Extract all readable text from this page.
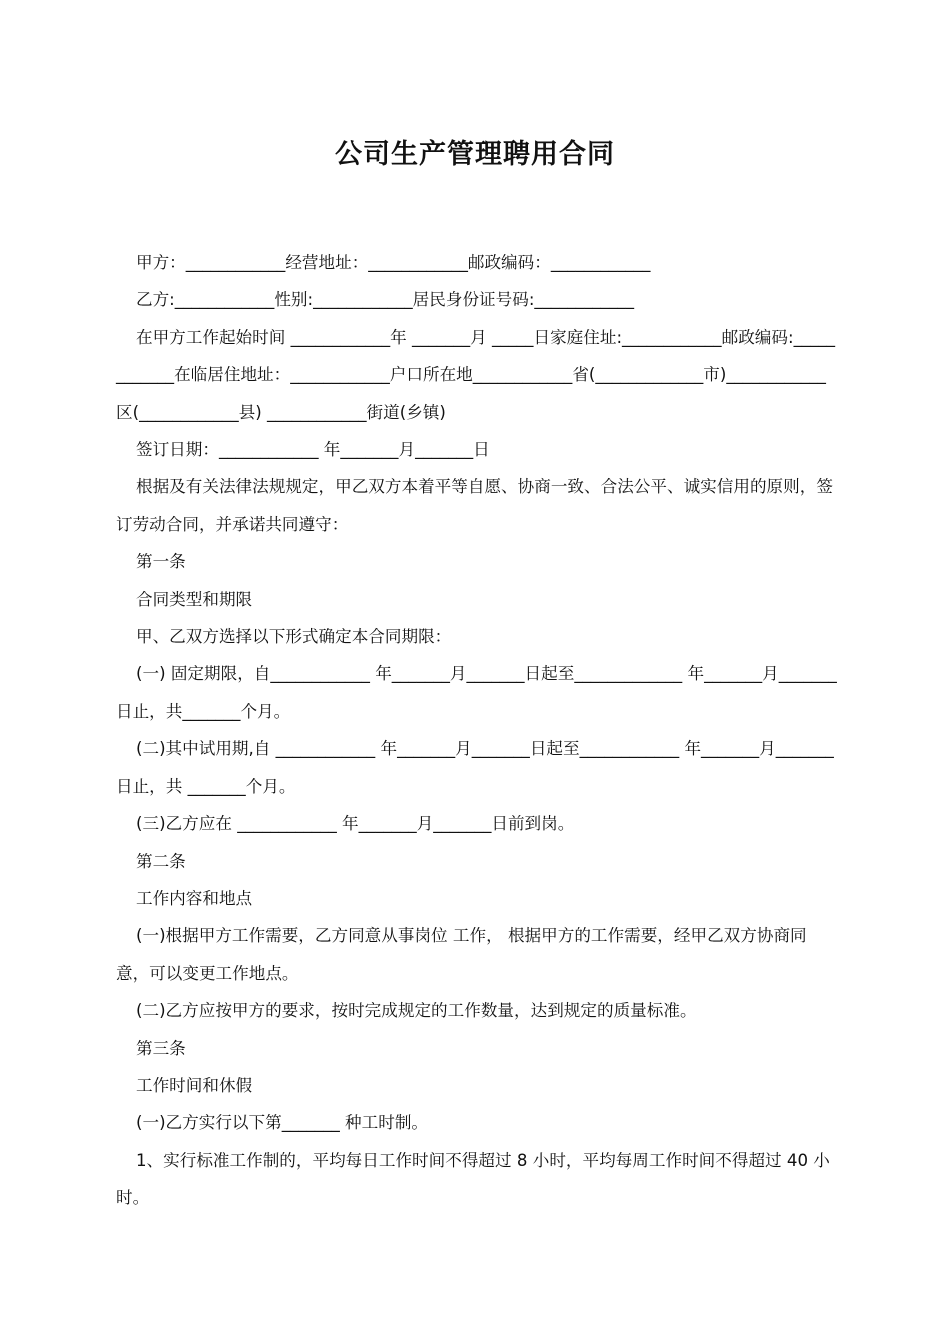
公司生产管理聘用合同

甲方：____________经营地址：____________邮政编码：____________

乙方:____________性别:____________居民身份证号码:____________

在甲方工作起始时间 ____________年 _______月 _____日家庭住址:____________邮政编码:____________在临居住地址：____________户口所在地____________省(_____________市)____________ 区(____________县) ____________街道(乡镇)

签订日期：____________ 年_______月_______日

根据及有关法律法规规定，甲乙双方本着平等自愿、协商一致、合法公平、诚实信用的原则，签订劳动合同，并承诺共同遵守：

第一条

合同类型和期限

甲、乙双方选择以下形式确定本合同期限：

(一) 固定期限，自____________ 年_______月_______日起至_____________ 年_______月_______日止，共_______个月。

(二)其中试用期,自 ____________ 年_______月_______日起至____________ 年_______月_______日止，共 _______个月。

(三)乙方应在 ____________ 年_______月_______日前到岗。

第二条

工作内容和地点

(一)根据甲方工作需要，乙方同意从事岗位 工作， 根据甲方的工作需要，经甲乙双方协商同意，可以变更工作地点。

(二)乙方应按甲方的要求，按时完成规定的工作数量，达到规定的质量标准。

第三条

工作时间和休假

(一)乙方实行以下第_______ 种工时制。

1、实行标准工作制的，平均每日工作时间不得超过 8 小时，平均每周工作时间不得超过 40 小时。
